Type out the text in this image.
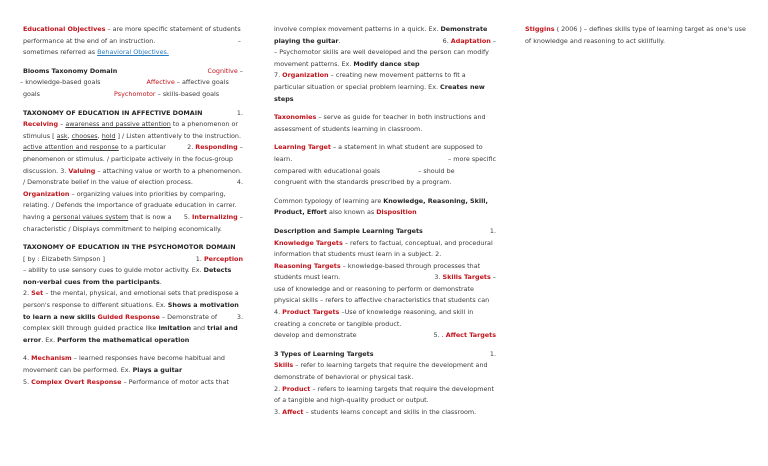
Educational Objectives – are more specific statement of students performance at the end of an instruction.	–

sometimes referred as Behavioral Objectives.

Blooms Taxonomy Domain	Cognitive –

– knowledge-based goals	Affective – affective goals
goals	Psychomotor – skills-based goals

TAXONOMY OF EDUCATION IN AFFECTIVE DOMAIN	1.

Receiving – awareness and passive attention to a phenomenon or stimulus [ ask, chooses, hold ] / Listen attentively to the instruction.
2. Responding –

active attention and response to a particular phenomenon or stimulus. / participate actively in the focus-group discussion. 3. Valuing – attaching value or worth to a phenomenon. / Demonstrate belief in the value of election process.	4.

Organization – organizing values into priorities by comparing, relating. / Defends the importance of graduate education in carrer.
5. Internalizing –

having a personal values system that is now a characteristic / Displays commitment to helping economically.

TAXONOMY OF EDUCATION IN THE PSYCHOMOTOR DOMAIN
[ by : Elizabeth Simpson ]	1. Perception

– ability to use sensory cues to guide motor activity. Ex. Detects non-verbal cues from the participants.
2. Set – the mental, physical, and emotional sets that predispose a person's response to different situations. Ex. Shows a motivation to learn a new skills	3.
Guided Response – Demonstrate of complex skill through guided practice like imitation and trial and error. Ex. Perform the mathematical operation

4. Mechanism – learned responses have become habitual and movement can be performed. Ex. Plays a guitar
5. Complex Overt Response – Performance of motor acts that

involve complex movement patterns in a quick. Ex. Demonstrate playing the guitar.	6. Adaptation –

– Psychomotor skills are well developed and the person can modify movement patterns. Ex. Modify dance step
7. Organization – creating new movement patterns to fit a particular situation or special problem learning. Ex. Creates new steps

Taxonomies – serve as guide for teacher in both instructions and assessment of students learning in classroom.

Learning Target – a statement in what student are supposed to learn.	– more specific

compared with educational goals	– should be
congruent with the standards prescribed by a program.

Common typology of learning are Knowledge, Reasoning, Skill, Product, Effort also known as Disposition

Description and Sample Learning Targets	1.

Knowledge Targets – refers to factual, conceptual, and procedural information that students must learn in a subject. 2.
Reasoning Targets – knowledge-based through processes that students must learn.	3. Skills Targets –

use of knowledge and or reasoning to perform or demonstrate physical skills
4. Product Targets –Use of knowledge reasoning, and skill in creating a concrete or tangible product.
5. . Affect Targets
– refers to affective characteristics that students can develop and demonstrate

3 Types of Learning Targets	1.

Skills – refer to learning targets that require the development and demonstrate of behavioral or physical task.
2. Product – refers to learning targets that require the development of a tangible and high-quality product or output.
3. Affect – students learns concept and skills in the classroom.

Stiggins ( 2006 ) – defines skills type of learning target as one's use of knowledge and reasoning to act skillfully.
